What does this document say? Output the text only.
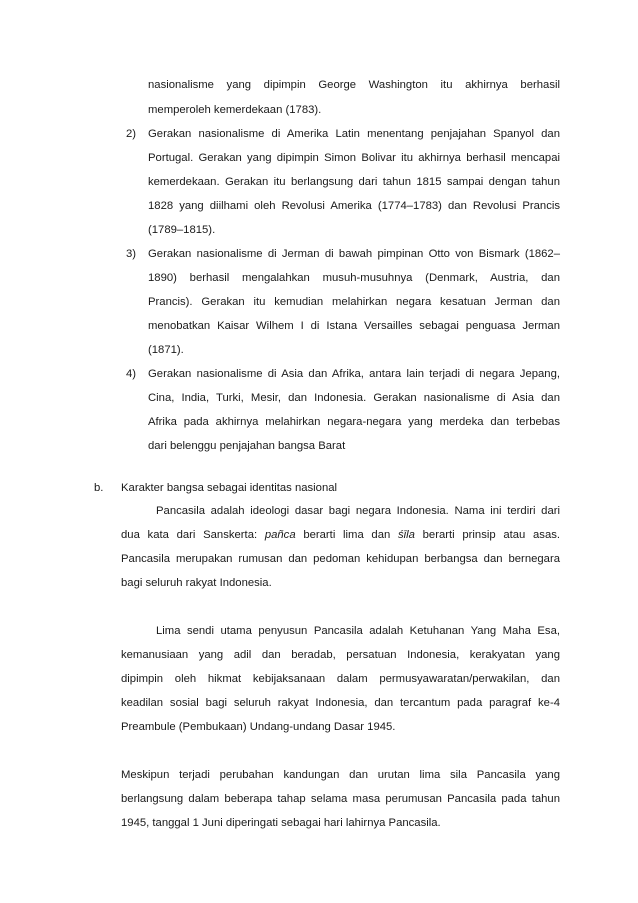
nasionalisme yang dipimpin George Washington itu akhirnya berhasil

memperoleh kemerdekaan (1783).

2)	Gerakan nasionalisme di Amerika Latin menentang penjajahan Spanyol dan

Portugal. Gerakan yang dipimpin Simon Bolivar itu akhirnya berhasil mencapai

kemerdekaan. Gerakan itu berlangsung dari tahun 1815 sampai dengan tahun

1828 yang diilhami oleh Revolusi Amerika (1774–1783) dan Revolusi Prancis

(1789–1815).

3)	Gerakan nasionalisme di Jerman di bawah pimpinan Otto von Bismark (1862–

1890) berhasil mengalahkan musuh-musuhnya (Denmark, Austria, dan

Prancis). Gerakan itu kemudian melahirkan negara kesatuan Jerman dan

menobatkan Kaisar Wilhem I di Istana Versailles sebagai penguasa Jerman

(1871).

4)	Gerakan nasionalisme di Asia dan Afrika, antara lain terjadi di negara Jepang,

Cina, India, Turki, Mesir, dan Indonesia. Gerakan nasionalisme di Asia dan

Afrika pada akhirnya melahirkan negara-negara yang merdeka dan terbebas

dari belenggu penjajahan bangsa Barat

b.	Karakter bangsa sebagai identitas nasional

Pancasila adalah ideologi dasar bagi negara Indonesia. Nama ini terdiri dari

dua kata dari Sanskerta: pañca berarti lima dan śīla berarti prinsip atau asas.

Pancasila merupakan rumusan dan pedoman kehidupan berbangsa dan bernegara

bagi seluruh rakyat Indonesia.

Lima sendi utama penyusun Pancasila adalah Ketuhanan Yang Maha Esa,

kemanusiaan yang adil dan beradab, persatuan Indonesia, kerakyatan yang

dipimpin oleh hikmat kebijaksanaan dalam permusyawaratan/perwakilan, dan

keadilan sosial bagi seluruh rakyat Indonesia, dan tercantum pada paragraf ke-4

Preambule (Pembukaan) Undang-undang Dasar 1945.

Meskipun terjadi perubahan kandungan dan urutan lima sila Pancasila yang

berlangsung dalam beberapa tahap selama masa perumusan Pancasila pada tahun

1945, tanggal 1 Juni diperingati sebagai hari lahirnya Pancasila.
